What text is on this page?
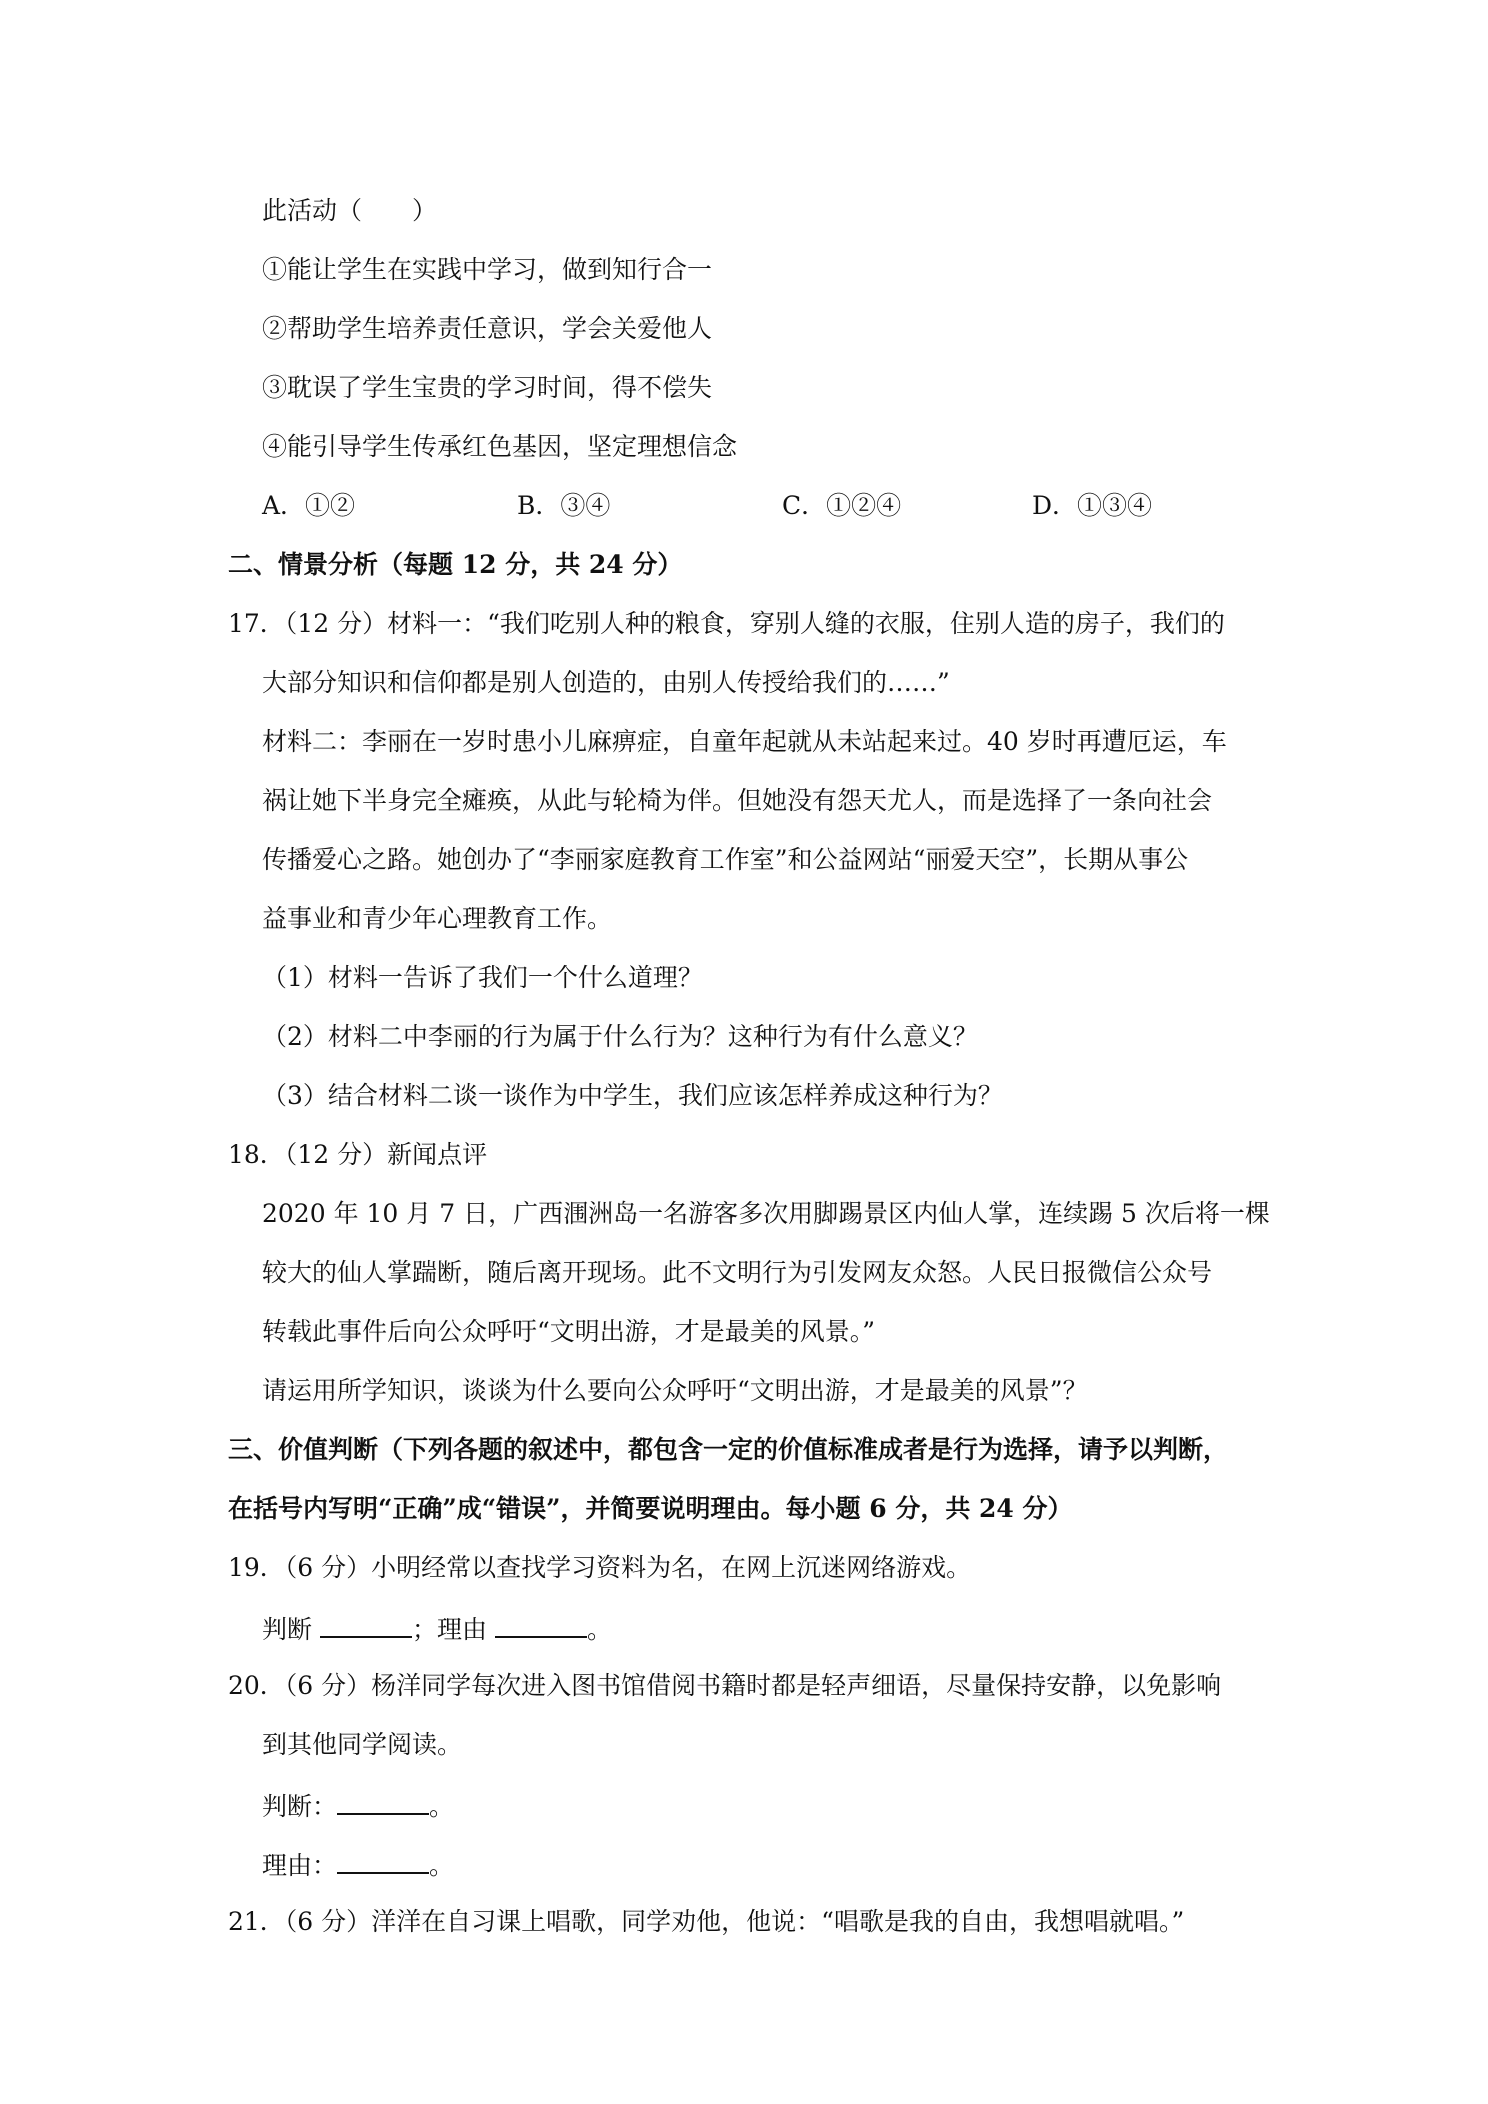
此活动（　　）
①能让学生在实践中学习，做到知行合一
②帮助学生培养责任意识，学会关爱他人
③耽误了学生宝贵的学习时间，得不偿失
④能引导学生传承红色基因，坚定理想信念
A．①②	B．③④	C．①②④	D．①③④
二、情景分析（每题 12 分，共 24 分）
17．（12 分）材料一：“我们吃别人种的粮食，穿别人缝的衣服，住别人造的房子，我们的
大部分知识和信仰都是别人创造的，由别人传授给我们的……”
材料二：李丽在一岁时患小儿麻痹症，自童年起就从未站起来过。40 岁时再遭厄运，车
祸让她下半身完全瘫痪，从此与轮椅为伴。但她没有怨天尤人，而是选择了一条向社会
传播爱心之路。她创办了“李丽家庭教育工作室”和公益网站“丽爱天空”，长期从事公
益事业和青少年心理教育工作。
（1）材料一告诉了我们一个什么道理？
（2）材料二中李丽的行为属于什么行为？这种行为有什么意义？
（3）结合材料二谈一谈作为中学生，我们应该怎样养成这种行为？
18．（12 分）新闻点评
2020 年 10 月 7 日，广西涠洲岛一名游客多次用脚踢景区内仙人掌，连续踢 5 次后将一棵
较大的仙人掌踹断，随后离开现场。此不文明行为引发网友众怒。人民日报微信公众号
转载此事件后向公众呼吁“文明出游，才是最美的风景。”
请运用所学知识，谈谈为什么要向公众呼吁“文明出游，才是最美的风景”？
三、价值判断（下列各题的叙述中，都包含一定的价值标准成者是行为选择，请予以判断，
在括号内写明“正确”成“错误”，并简要说明理由。每小题 6 分，共 24 分）
19．（6 分）小明经常以查找学习资料为名，在网上沉迷网络游戏。
判断	；理由	。
20．（6 分）杨洋同学每次进入图书馆借阅书籍时都是轻声细语，尽量保持安静，以免影响
到其他同学阅读。
判断：	。
理由：	。
21．（6 分）洋洋在自习课上唱歌，同学劝他，他说：“唱歌是我的自由，我想唱就唱。”
